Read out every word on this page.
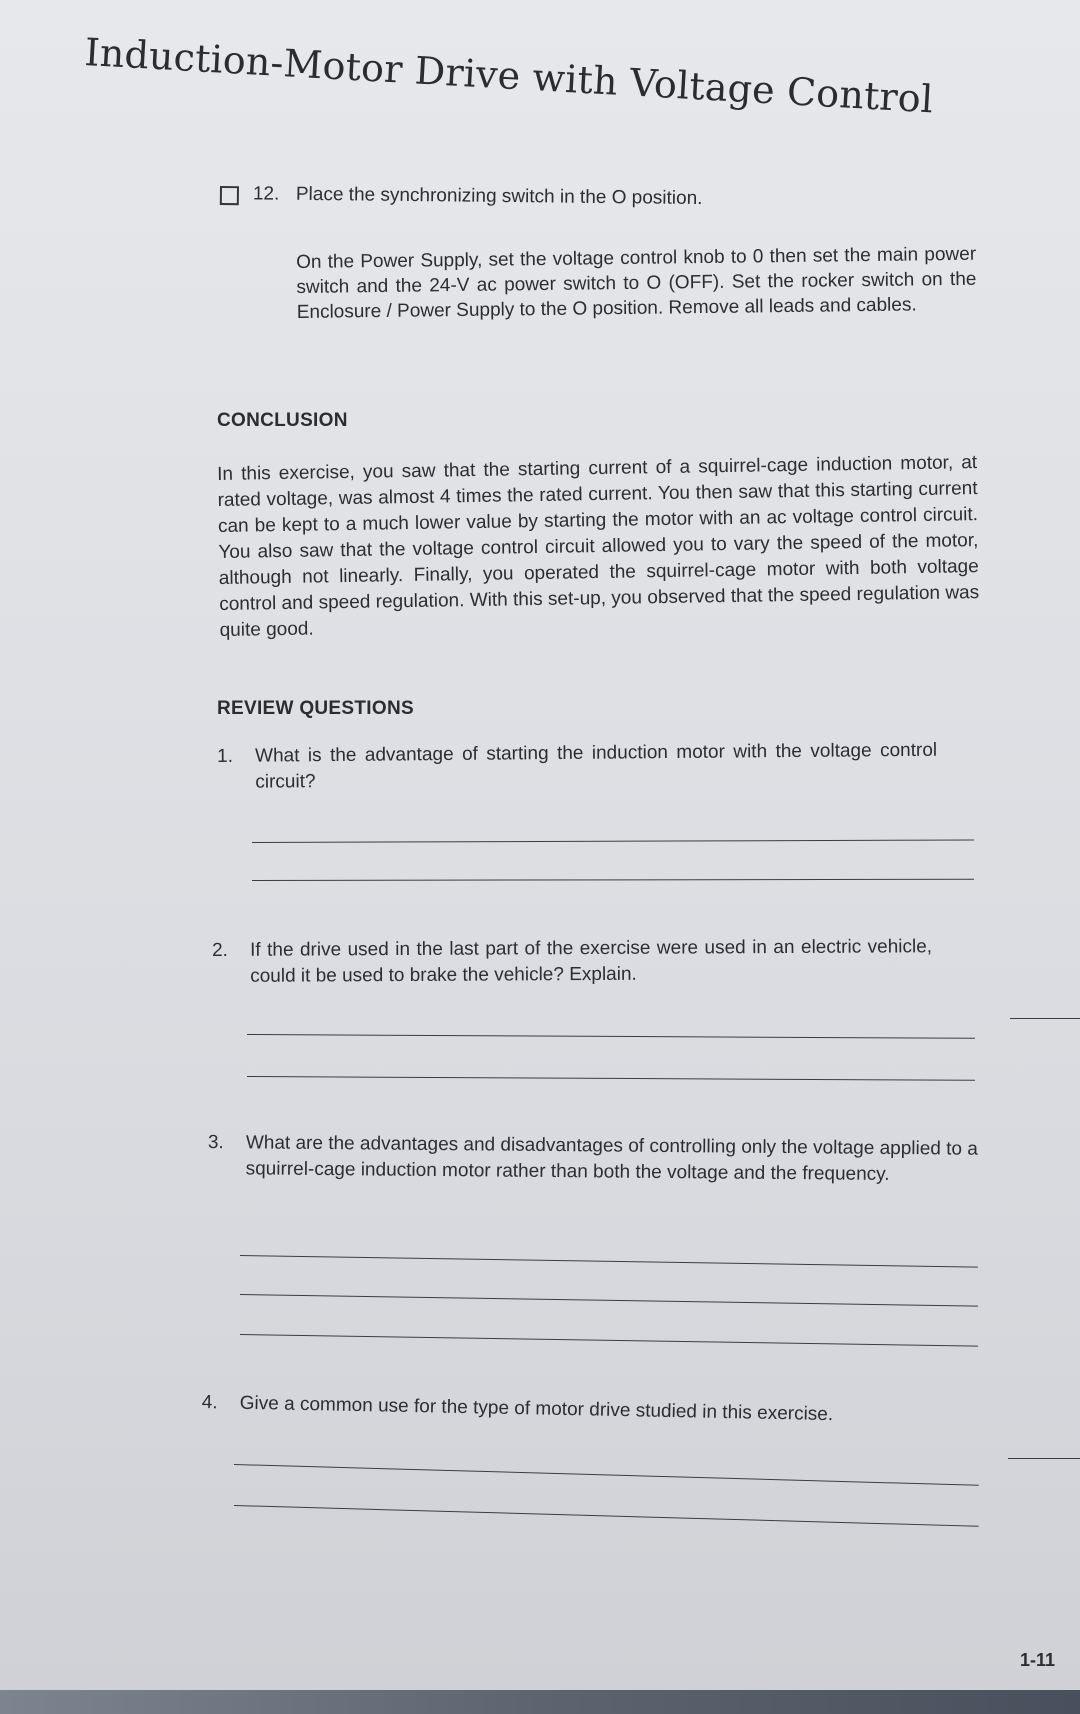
Induction-Motor Drive with Voltage Control
12. Place the synchronizing switch in the O position.
On the Power Supply, set the voltage control knob to 0 then set the main power switch and the 24-V ac power switch to O (OFF). Set the rocker switch on the Enclosure / Power Supply to the O position. Remove all leads and cables.
CONCLUSION
In this exercise, you saw that the starting current of a squirrel-cage induction motor, at rated voltage, was almost 4 times the rated current. You then saw that this starting current can be kept to a much lower value by starting the motor with an ac voltage control circuit. You also saw that the voltage control circuit allowed you to vary the speed of the motor, although not linearly. Finally, you operated the squirrel-cage motor with both voltage control and speed regulation. With this set-up, you observed that the speed regulation was quite good.
REVIEW QUESTIONS
1. What is the advantage of starting the induction motor with the voltage control circuit?
2. If the drive used in the last part of the exercise were used in an electric vehicle, could it be used to brake the vehicle? Explain.
3. What are the advantages and disadvantages of controlling only the voltage applied to a squirrel-cage induction motor rather than both the voltage and the frequency.
4. Give a common use for the type of motor drive studied in this exercise.
1-11
